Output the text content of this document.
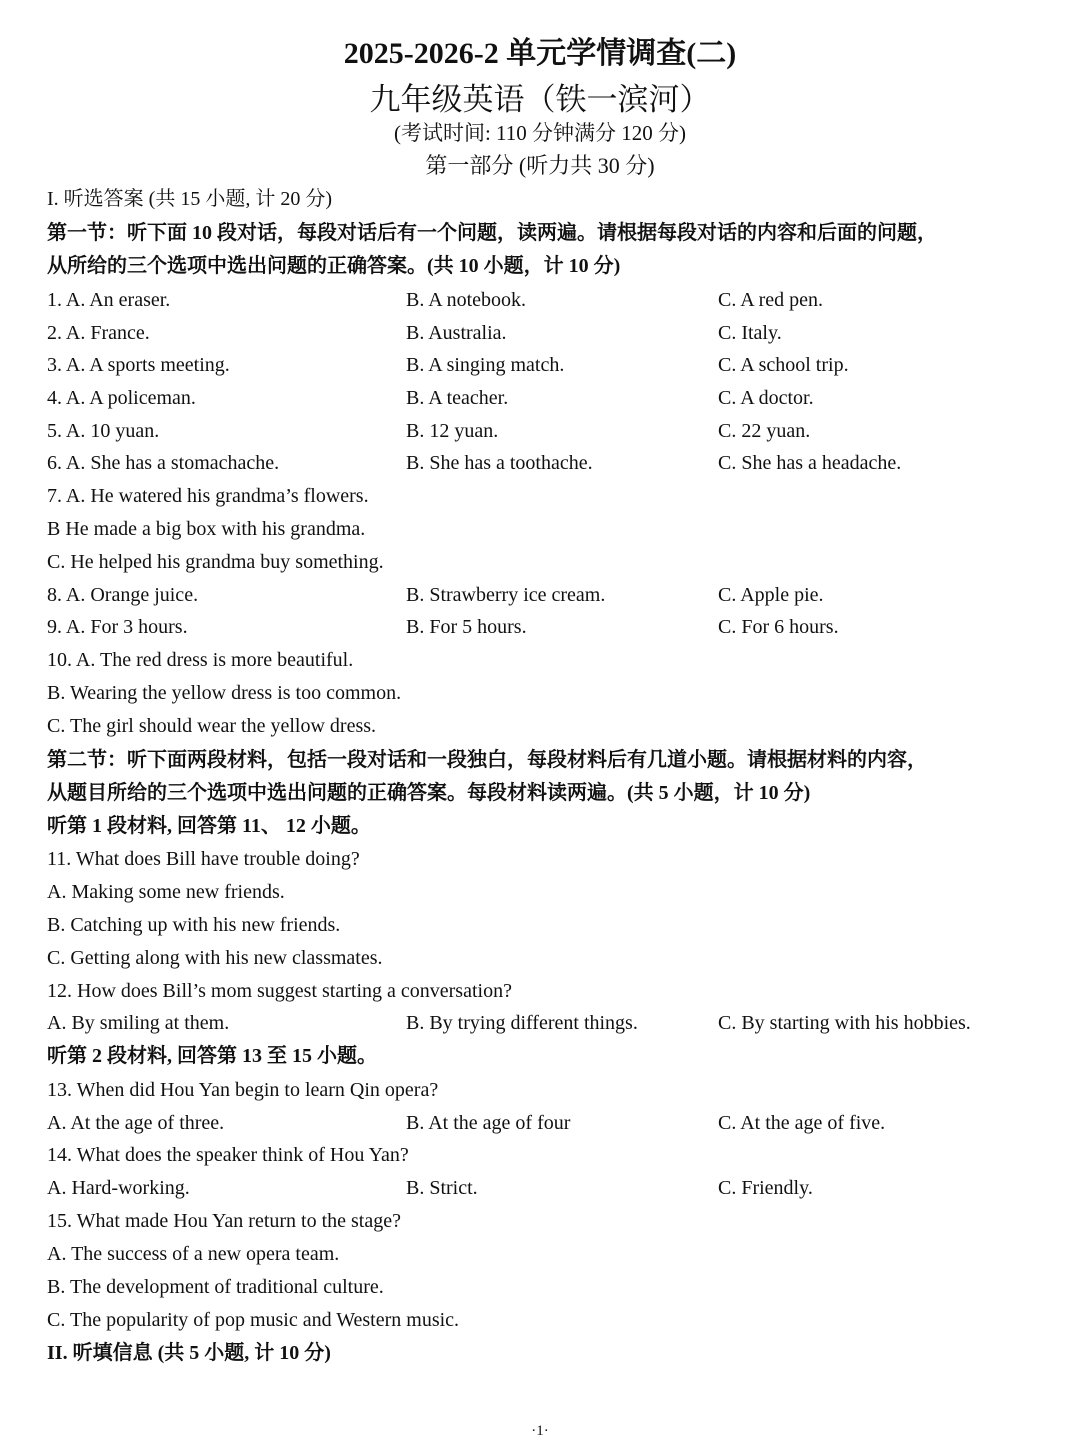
2025-2026-2 单元学情调查(二)
九年级英语（铁一滨河）
(考试时间: 110 分钟满分 120 分)
第一部分 (听力共 30 分)
I. 听选答案 (共 15 小题, 计 20 分)
第一节：听下面 10 段对话，每段对话后有一个问题，读两遍。请根据每段对话的内容和后面的问题，
从所给的三个选项中选出问题的正确答案。(共 10 小题，计 10 分)
1. A. An eraser.	B. A notebook.	C. A red pen.
2. A. France.	B. Australia.	C. Italy.
3. A. A sports meeting.	B. A singing match.	C. A school trip.
4. A. A policeman.	B. A teacher.	C. A doctor.
5. A. 10 yuan.	B. 12 yuan.	C. 22 yuan.
6. A. She has a stomachache.	B. She has a toothache.	C. She has a headache.
7. A. He watered his grandma’s flowers.
B He made a big box with his grandma.
C. He helped his grandma buy something.
8. A. Orange juice.	B. Strawberry ice cream.	C. Apple pie.
9. A. For 3 hours.	B. For 5 hours.	C. For 6 hours.
10. A. The red dress is more beautiful.
B. Wearing the yellow dress is too common.
C. The girl should wear the yellow dress.
第二节：听下面两段材料，包括一段对话和一段独白，每段材料后有几道小题。请根据材料的内容，
从题目所给的三个选项中选出问题的正确答案。每段材料读两遍。(共 5 小题，计 10 分)
听第 1 段材料, 回答第 11、 12 小题。
11. What does Bill have trouble doing?
A. Making some new friends.
B. Catching up with his new friends.
C. Getting along with his new classmates.
12. How does Bill’s mom suggest starting a conversation?
A. By smiling at them.	B. By trying different things.	C. By starting with his hobbies.
听第 2 段材料, 回答第 13 至 15 小题。
13. When did Hou Yan begin to learn Qin opera?
A. At the age of three.	B. At the age of four	C. At the age of five.
14. What does the speaker think of Hou Yan?
A. Hard-working.	B. Strict.	C. Friendly.
15. What made Hou Yan return to the stage?
A. The success of a new opera team.
B. The development of traditional culture.
C. The popularity of pop music and Western music.
II. 听填信息 (共 5 小题, 计 10 分)
·1·
